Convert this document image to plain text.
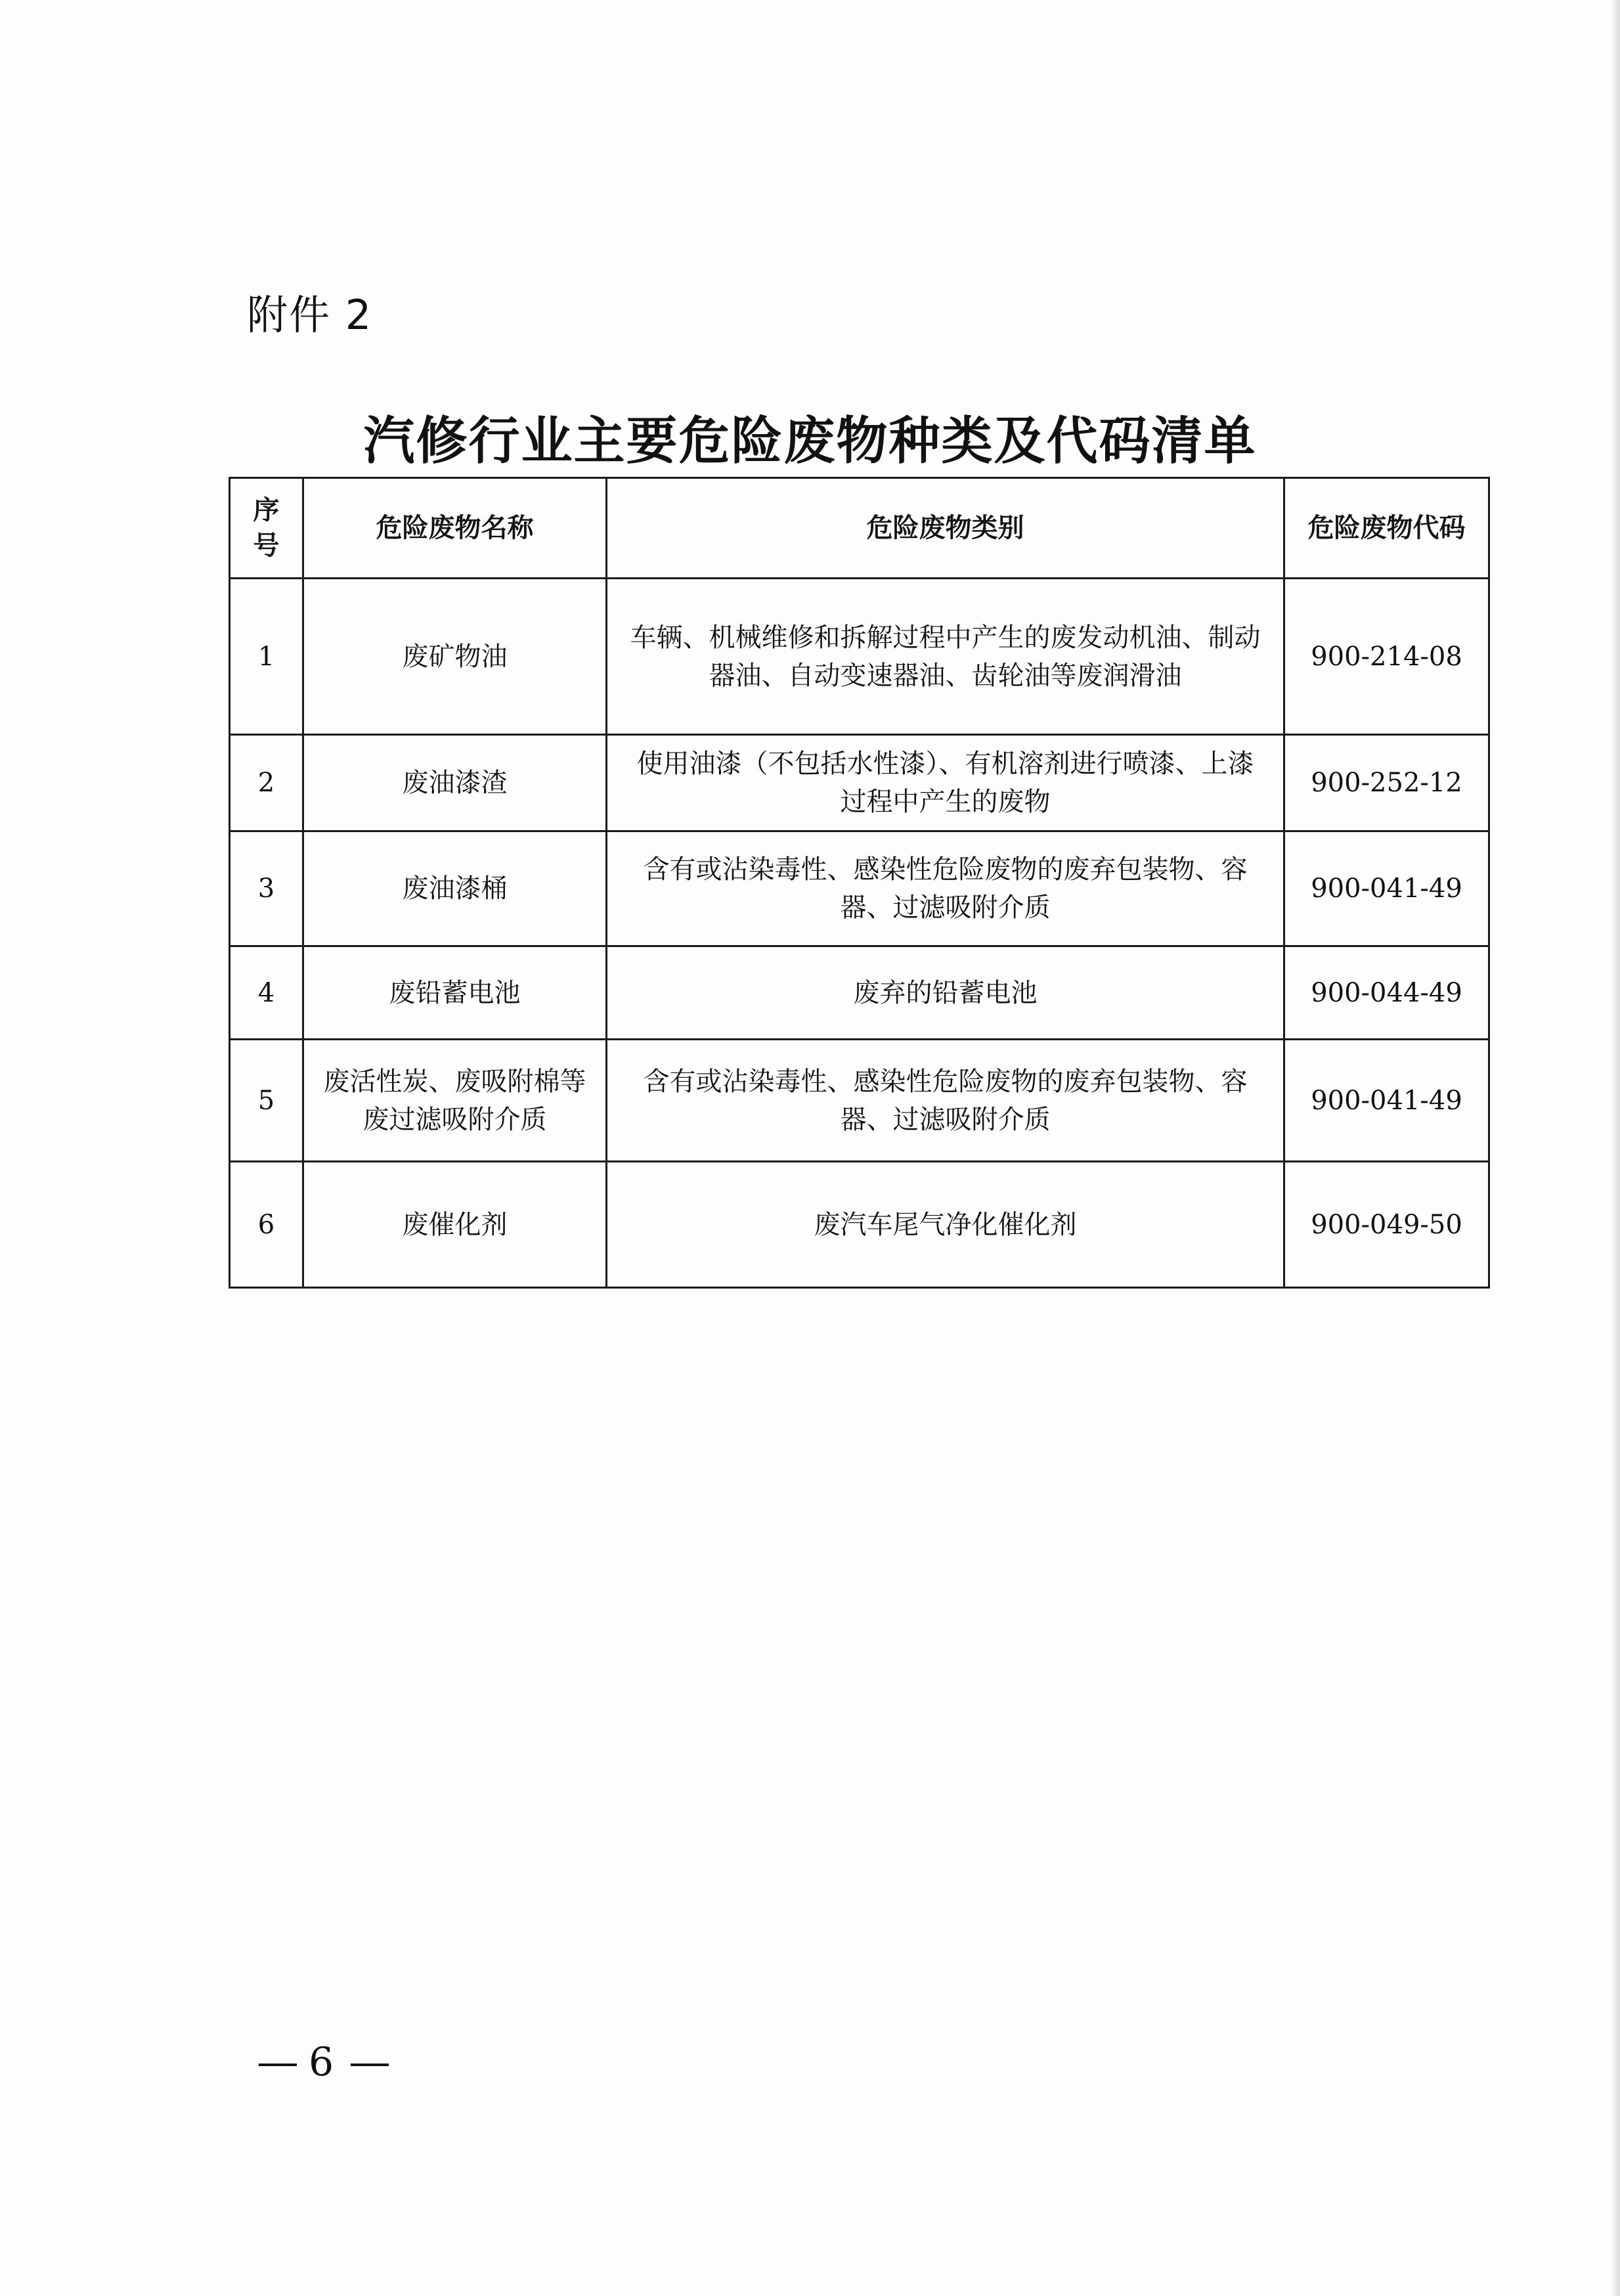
附件 2
汽修行业主要危险废物种类及代码清单
序
号	危险废物名称	危险废物类别	危险废物代码
1	废矿物油	车辆、机械维修和拆解过程中产生的废发动机油、制动器油、自动变速器油、齿轮油等废润滑油	900-214-08
2	废油漆渣	使用油漆（不包括水性漆）、有机溶剂进行喷漆、上漆过程中产生的废物	900-252-12
3	废油漆桶	含有或沾染毒性、感染性危险废物的废弃包装物、容器、过滤吸附介质	900-041-49
4	废铅蓄电池	废弃的铅蓄电池	900-044-49
5	废活性炭、废吸附棉等废过滤吸附介质	含有或沾染毒性、感染性危险废物的废弃包装物、容器、过滤吸附介质	900-041-49
6	废催化剂	废汽车尾气净化催化剂	900-049-50
6
